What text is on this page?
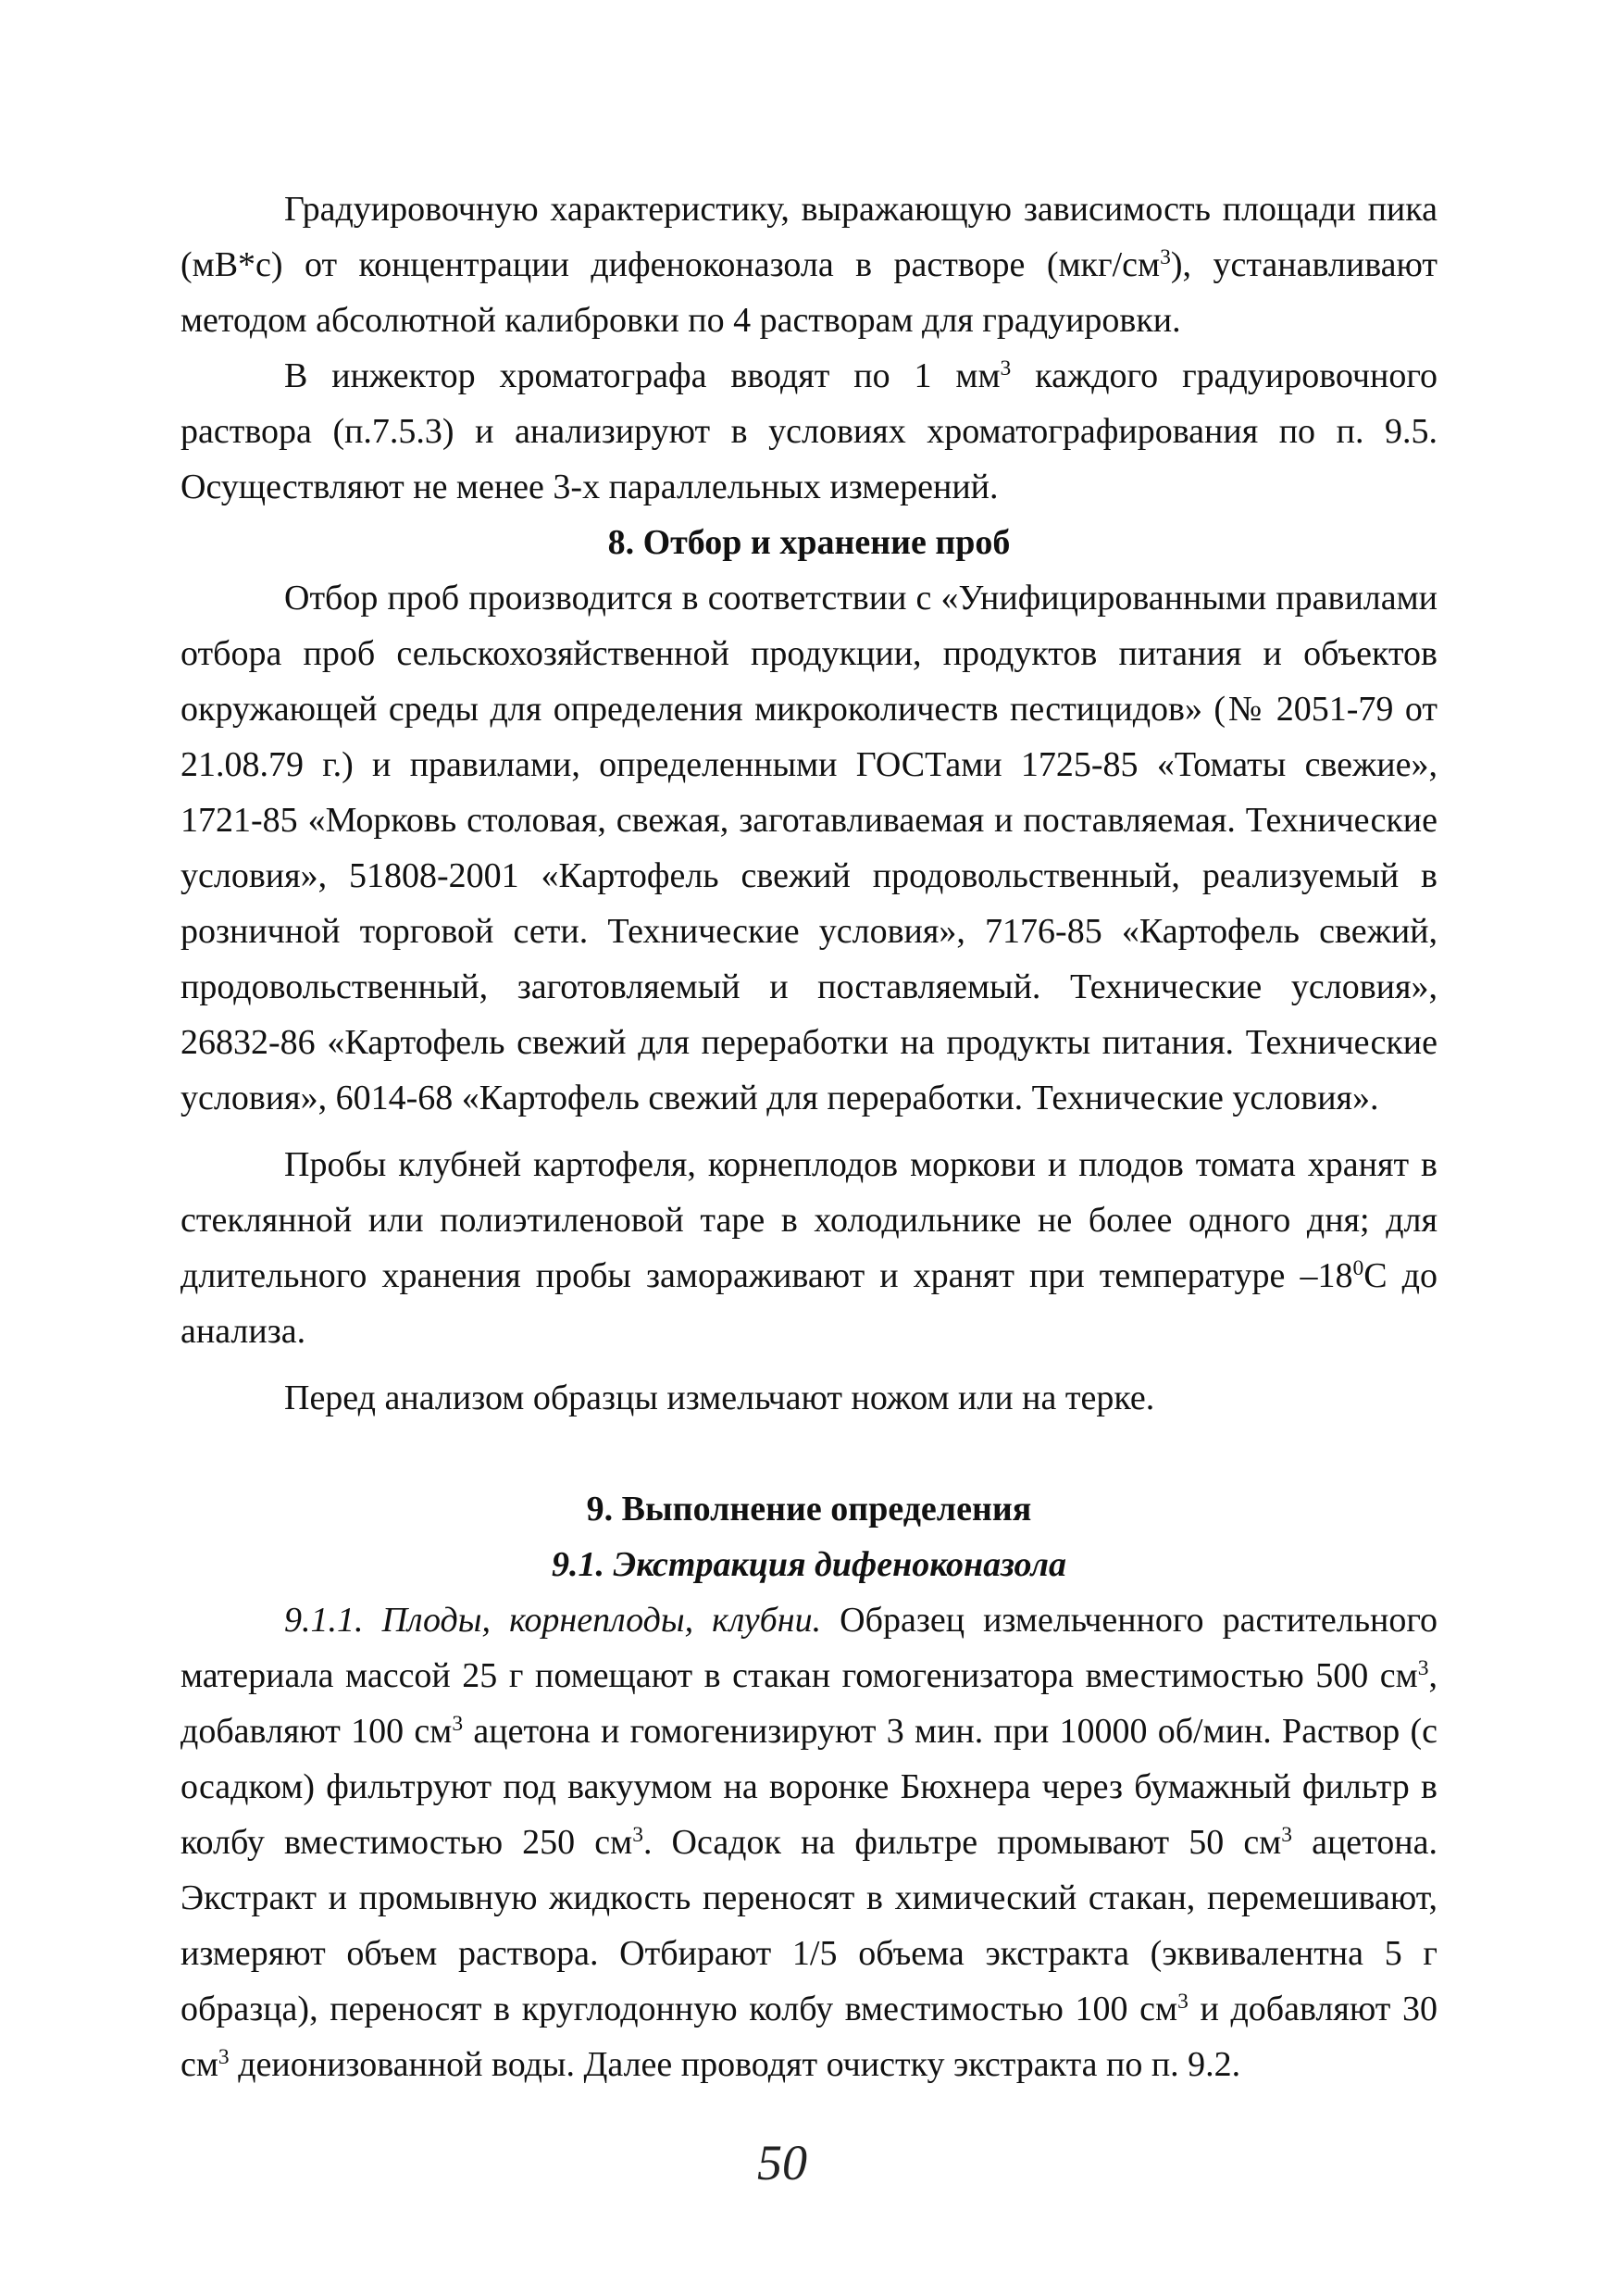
Градуировочную характеристику, выражающую зависимость площади пика (мВ*с) от концентрации дифеноконазола в растворе $(мкг/см^3)$, устанавливают методом абсолютной калибровки по 4 растворам для градуировки.

В инжектор хроматографа вводят по 1 $мм^3$ каждого градуировочного раствора (п.7.5.3) и анализируют в условиях хроматографирования по п. 9.5. Осуществляют не менее 3-х параллельных измерений.

8. Отбор и хранение проб

Отбор проб производится в соответствии с «Унифицированными правилами отбора проб сельскохозяйственной продукции, продуктов питания и объектов окружающей среды для определения микроколичеств пестицидов» (№ 2051-79 от 21.08.79 г.) и правилами, определенными ГОСТами 1725-85 «Томаты свежие», 1721-85 «Морковь столовая, свежая, заготавливаемая и поставляемая. Технические условия», 51808-2001 «Картофель свежий продовольственный, реализуемый в розничной торговой сети. Технические условия», 7176-85 «Картофель свежий, продовольственный, заготовляемый и поставляемый. Технические условия», 26832-86 «Картофель свежий для переработки на продукты питания. Технические условия», 6014-68 «Картофель свежий для переработки. Технические условия».

Пробы клубней картофеля, корнеплодов моркови и плодов томата хранят в стеклянной или полиэтиленовой таре в холодильнике не более одного дня; для длительного хранения пробы замораживают и хранят при температуре $-18^0С$ до анализа.

Перед анализом образцы измельчают ножом или на терке.

9. Выполнение определения

9.1. Экстракция дифеноконазола

9.1.1. Плоды, корнеплоды, клубни. Образец измельченного растительного материала массой 25 г помещают в стакан гомогенизатора вместимостью 500 $см^3$, добавляют 100 $см^3$ ацетона и гомогенизируют 3 мин. при 10000 об/мин. Раствор (с осадком) фильтруют под вакуумом на воронке Бюхнера через бумажный фильтр в колбу вместимостью 250 $см^3$. Осадок на фильтре промывают 50 $см^3$ ацетона. Экстракт и промывную жидкость переносят в химический стакан, перемешивают, измеряют объем раствора. Отбирают 1/5 объема экстракта (эквивалентна 5 г образца), переносят в круглодонную колбу вместимостью 100 $см^3$ и добавляют 30 $см^3$ деионизованной воды. Далее проводят очистку экстракта по п. 9.2.

50
